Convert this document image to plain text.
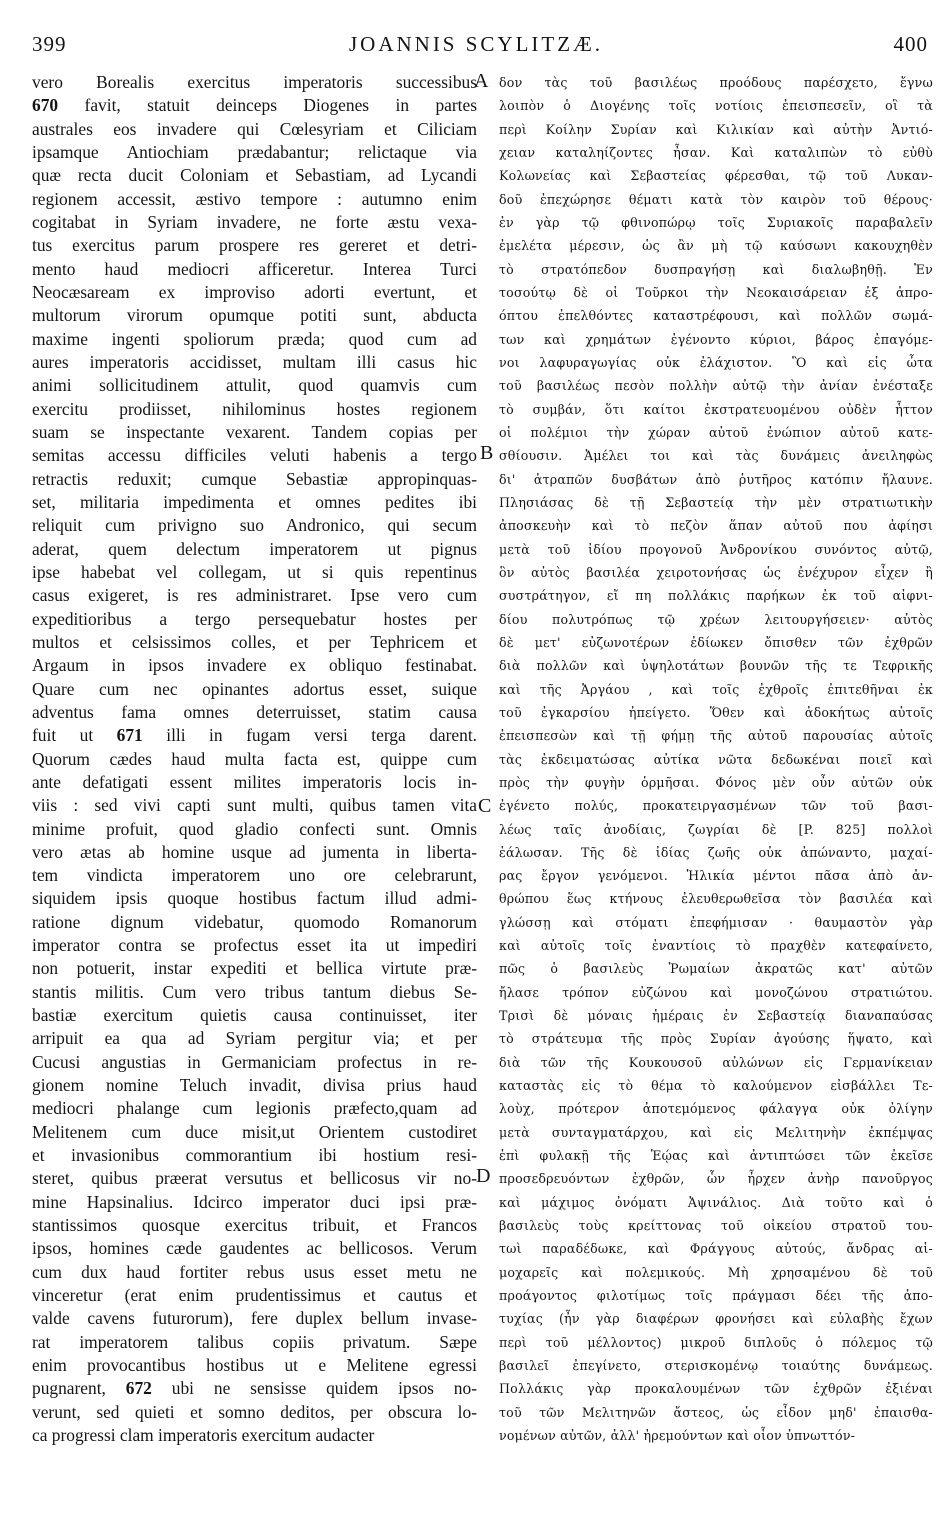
399	JOANNIS SCYLITZÆ.	400
vero Borealis exercitus imperatoris successibus
670 favit, statuit deinceps Diogenes in partes
australes eos invadere qui Cœlesyriam et Ciliciam
ipsamque Antiochiam prædabantur; relictaque via
quæ recta ducit Coloniam et Sebastiam, ad Lycandi
regionem accessit, æstivo tempore : autumno enim
cogitabat in Syriam invadere, ne forte æstu vexa-
tus exercitus parum prospere res gereret et detri-
mento haud mediocri afficeretur. Interea Turci
Neocæsaream ex improviso adorti evertunt, et
multorum virorum opumque potiti sunt, abducta
maxime ingenti spoliorum præda; quod cum ad
aures imperatoris accidisset, multam illi casus hic
animi sollicitudinem attulit, quod quamvis cum
exercitu prodiisset, nihilominus hostes regionem
suam se inspectante vexarent. Tandem copias per
semitas accessu difficiles veluti habenis a tergo
retractis reduxit; cumque Sebastiæ appropinquas-
set, militaria impedimenta et omnes pedites ibi
reliquit cum privigno suo Andronico, qui secum
aderat, quem delectum imperatorem ut pignus
ipse habebat vel collegam, ut si quis repentinus
casus exigeret, is res administraret. Ipse vero cum
expeditioribus a tergo persequebatur hostes per
multos et celsissimos colles, et per Tephricem et
Argaum in ipsos invadere ex obliquo festinabat.
Quare cum nec opinantes adortus esset, suique
adventus fama omnes deterruisset, statim causa
fuit ut 671 illi in fugam versi terga darent.
Quorum cædes haud multa facta est, quippe cum
ante defatigati essent milites imperatoris locis in-
viis : sed vivi capti sunt multi, quibus tamen vita
minime profuit, quod gladio confecti sunt. Omnis
vero ætas ab homine usque ad jumenta in liberta-
tem vindicta imperatorem uno ore celebrarunt,
siquidem ipsis quoque hostibus factum illud admi-
ratione dignum videbatur, quomodo Romanorum
imperator contra se profectus esset ita ut impediri
non potuerit, instar expediti et bellica virtute præ-
stantis militis. Cum vero tribus tantum diebus Se-
bastiæ exercitum quietis causa continuisset, iter
arripuit ea qua ad Syriam pergitur via; et per
Cucusi angustias in Germaniciam profectus in re-
gionem nomine Teluch invadit, divisa prius haud
mediocri phalange cum legionis præfecto,quam ad
Melitenem cum duce misit,ut Orientem custodiret
et invasionibus commorantium ibi hostium resi-
steret, quibus præerat versutus et bellicosus vir no-
mine Hapsinalius. Idcirco imperator duci ipsi præ-
stantissimos quosque exercitus tribuit, et Francos
ipsos, homines cæde gaudentes ac bellicosos. Verum
cum dux haud fortiter rebus usus esset metu ne
vinceretur (erat enim prudentissimus et cautus et
valde cavens futurorum), fere duplex bellum invase-
rat imperatorem talibus copiis privatum. Sæpe
enim provocantibus hostibus ut e Melitene egressi
pugnarent, 672 ubi ne sensisse quidem ipsos no-
verunt, sed quieti et somno deditos, per obscura lo-
ca progressi clam imperatoris exercitum audacter
δον τὰς τοῦ βασιλέως προόδους παρέσχετο, ἔγνω
λοιπὸν ὁ Διογένης τοῖς νοτίοις ἐπεισπεσεῖν, οἳ τὰ
περὶ Κοίλην Συρίαν καὶ Κιλικίαν καὶ αὐτὴν Ἀντιό-
χειαν καταληίζοντες ἦσαν. Καὶ καταλιπὼν τὸ εὐθὺ
Κολωνείας καὶ Σεβαστείας φέρεσθαι, τῷ τοῦ Λυκαν-
δοῦ ἐπεχώρησε θέματι κατὰ τὸν καιρὸν τοῦ θέρους·
ἐν γὰρ τῷ φθινοπώρῳ τοῖς Συριακοῖς παραβαλεῖν
ἐμελέτα μέρεσιν, ὡς ἂν μὴ τῷ καύσωνι κακουχηθὲν
τὸ στρατόπεδον δυσπραγήσῃ καὶ διαλωβηθῇ. Ἐν
τοσούτῳ δὲ οἱ Τοῦρκοι τὴν Νεοκαισάρειαν ἐξ ἀπρο-
όπτου ἐπελθόντες καταστρέφουσι, καὶ πολλῶν σωμά-
των καὶ χρημάτων ἐγένοντο κύριοι, βάρος ἐπαγόμε-
νοι λαφυραγωγίας οὐκ ἐλάχιστον. Ὃ καὶ εἰς ὦτα
τοῦ βασιλέως πεσὸν πολλὴν αὐτῷ τὴν ἀνίαν ἐνέσταξε
τὸ συμβάν, ὅτι καίτοι ἐκστρατευομένου οὐδὲν ἧττον
οἱ πολέμιοι τὴν χώραν αὐτοῦ ἐνώπιον αὐτοῦ κατε-
σθίουσιν. Ἀμέλει τοι καὶ τὰς δυνάμεις ἀνειληφὼς
δι' ἀτραπῶν δυσβάτων ἀπὸ ῥυτῆρος κατόπιν ἤλαυνε.
Πλησιάσας δὲ τῇ Σεβαστείᾳ τὴν μὲν στρατιωτικὴν
ἀποσκευὴν καὶ τὸ πεζὸν ἅπαν αὐτοῦ που ἀφίησι
μετὰ τοῦ ἰδίου προγονοῦ Ἀνδρονίκου συνόντος αὐτῷ,
ὃν αὐτὸς βασιλέα χειροτονήσας ὡς ἐνέχυρον εἶχεν ἢ
συστράτηγον, εἴ πη πολλάκις παρήκων ἐκ τοῦ αἰφνι-
δίου πολυτρόπως τῷ χρέων λειτουργήσειεν· αὐτὸς
δὲ μετ' εὐζωνοτέρων ἐδίωκεν ὄπισθεν τῶν ἐχθρῶν
διὰ πολλῶν καὶ ὑψηλοτάτων βουνῶν τῆς τε Τεφρικῆς
καὶ τῆς Ἀργάου , καὶ τοῖς ἐχθροῖς ἐπιτεθῆναι ἐκ
τοῦ ἐγκαρσίου ἠπείγετο. Ὅθεν καὶ ἀδοκήτως αὐτοῖς
ἐπεισπεσὼν καὶ τῇ φήμῃ τῆς αὐτοῦ παρουσίας αὐτοῖς
τὰς ἐκδειματώσας αὐτίκα νῶτα δεδωκέναι ποιεῖ καὶ
πρὸς τὴν φυγὴν ὁρμῆσαι. Φόνος μὲν οὖν αὐτῶν οὐκ
ἐγένετο πολύς, προκατειργασμένων τῶν τοῦ βασι-
λέως ταῖς ἀνοδίαις, ζωγρίαι δὲ [P. 825] πολλοὶ
ἑάλωσαν. Τῆς δὲ ἰδίας ζωῆς οὐκ ἀπώναντο, μαχαί-
ρας ἔργον γενόμενοι. Ἡλικία μέντοι πᾶσα ἀπὸ ἀν-
θρώπου ἕως κτήνους ἐλευθερωθεῖσα τὸν βασιλέα καὶ
γλώσσῃ καὶ στόματι ἐπεφήμισαν · θαυμαστὸν γὰρ
καὶ αὐτοῖς τοῖς ἐναντίοις τὸ πραχθὲν κατεφαίνετο,
πῶς ὁ βασιλεὺς Ῥωμαίων ἀκρατῶς κατ' αὐτῶν
ἤλασε τρόπον εὐζώνου καὶ μονοζώνου στρατιώτου.
Τρισὶ δὲ μόναις ἡμέραις ἐν Σεβαστείᾳ διαναπαύσας
τὸ στράτευμα τῆς πρὸς Συρίαν ἀγούσης ἥψατο, καὶ
διὰ τῶν τῆς Κουκουσοῦ αὐλώνων εἰς Γερμανίκειαν
καταστὰς εἰς τὸ θέμα τὸ καλούμενον εἰσβάλλει Τε-
λοὺχ, πρότερον ἀποτεμόμενος φάλαγγα οὐκ ὀλίγην
μετὰ συνταγματάρχου, καὶ εἰς Μελιτηνὴν ἐκπέμψας
ἐπὶ φυλακῇ τῆς Ἑῴας καὶ ἀντιπτώσει τῶν ἐκεῖσε
προσεδρευόντων ἐχθρῶν, ὧν ἦρχεν ἀνὴρ πανοῦργος
καὶ μάχιμος ὀνόματι Ἀψινάλιος. Διὰ τοῦτο καὶ ὁ
βασιλεὺς τοὺς κρείττονας τοῦ οἰκείου στρατοῦ του-
τωὶ παραδέδωκε, καὶ Φράγγους αὐτούς, ἄνδρας αἱ-
μοχαρεῖς καὶ πολεμικούς. Μὴ χρησαμένου δὲ τοῦ
προάγοντος φιλοτίμως τοῖς πράγμασι δέει τῆς ἀπο-
τυχίας (ἦν γὰρ διαφέρων φρονήσει καὶ εὐλαβὴς ἔχων
περὶ τοῦ μέλλοντος) μικροῦ διπλοῦς ὁ πόλεμος τῷ
βασιλεῖ ἐπεγίνετο, στερισκομένῳ τοιαύτης δυνάμεως.
Πολλάκις γὰρ προκαλουμένων τῶν ἐχθρῶν ἐξιέναι
τοῦ τῶν Μελιτηνῶν ἄστεος, ὡς εἶδον μηδ' ἐπαισθα-
νομένων αὐτῶν, ἀλλ' ἠρεμούντων καὶ οἷον ὑπνωττόν-
A
B
C
D
